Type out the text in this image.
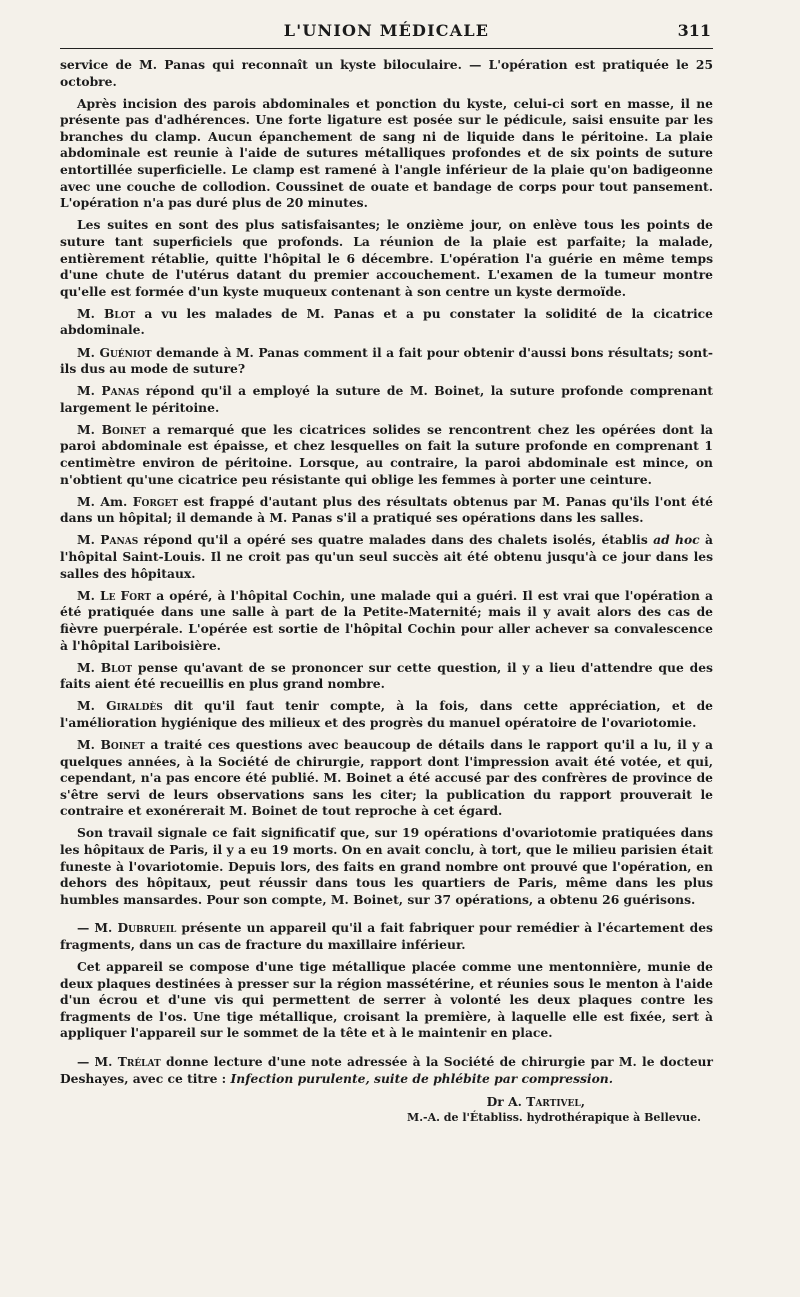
L'UNION MÉDICALE	311

service de M. Panas qui reconnaît un kyste biloculaire. — L'opération est pratiquée le 25 octobre.

Après incision des parois abdominales et ponction du kyste, celui-ci sort en masse, il ne présente pas d'adhérences. Une forte ligature est posée sur le pédicule, saisi ensuite par les branches du clamp. Aucun épanchement de sang ni de liquide dans le péritoine. La plaie abdominale est reunie à l'aide de sutures métalliques profondes et de six points de suture entortillée superficielle. Le clamp est ramené à l'angle inférieur de la plaie qu'on badigeonne avec une couche de collodion. Coussinet de ouate et bandage de corps pour tout pansement. L'opération n'a pas duré plus de 20 minutes.

Les suites en sont des plus satisfaisantes; le onzième jour, on enlève tous les points de suture tant superficiels que profonds. La réunion de la plaie est parfaite; la malade, entièrement rétablie, quitte l'hôpital le 6 décembre. L'opération l'a guérie en même temps d'une chute de l'utérus datant du premier accouchement. L'examen de la tumeur montre qu'elle est formée d'un kyste muqueux contenant à son centre un kyste dermoïde.

M. Blot a vu les malades de M. Panas et a pu constater la solidité de la cicatrice abdominale.

M. Guéniot demande à M. Panas comment il a fait pour obtenir d'aussi bons résultats; sont-ils dus au mode de suture?

M. Panas répond qu'il a employé la suture de M. Boinet, la suture profonde comprenant largement le péritoine.

M. Boinet a remarqué que les cicatrices solides se rencontrent chez les opérées dont la paroi abdominale est épaisse, et chez lesquelles on fait la suture profonde en comprenant 1 centimètre environ de péritoine. Lorsque, au contraire, la paroi abdominale est mince, on n'obtient qu'une cicatrice peu résistante qui oblige les femmes à porter une ceinture.

M. Am. Forget est frappé d'autant plus des résultats obtenus par M. Panas qu'ils l'ont été dans un hôpital; il demande à M. Panas s'il a pratiqué ses opérations dans les salles.

M. Panas répond qu'il a opéré ses quatre malades dans des chalets isolés, établis ad hoc à l'hôpital Saint-Louis. Il ne croit pas qu'un seul succès ait été obtenu jusqu'à ce jour dans les salles des hôpitaux.

M. Le Fort a opéré, à l'hôpital Cochin, une malade qui a guéri. Il est vrai que l'opération a été pratiquée dans une salle à part de la Petite-Maternité; mais il y avait alors des cas de fièvre puerpérale. L'opérée est sortie de l'hôpital Cochin pour aller achever sa convalescence à l'hôpital Lariboisière.

M. Blot pense qu'avant de se prononcer sur cette question, il y a lieu d'attendre que des faits aient été recueillis en plus grand nombre.

M. Giraldès dit qu'il faut tenir compte, à la fois, dans cette appréciation, et de l'amélioration hygiénique des milieux et des progrès du manuel opératoire de l'ovariotomie.

M. Boinet a traité ces questions avec beaucoup de détails dans le rapport qu'il a lu, il y a quelques années, à la Société de chirurgie, rapport dont l'impression avait été votée, et qui, cependant, n'a pas encore été publié. M. Boinet a été accusé par des confrères de province de s'être servi de leurs observations sans les citer; la publication du rapport prouverait le contraire et exonérerait M. Boinet de tout reproche à cet égard.

Son travail signale ce fait significatif que, sur 19 opérations d'ovariotomie pratiquées dans les hôpitaux de Paris, il y a eu 19 morts. On en avait conclu, à tort, que le milieu parisien était funeste à l'ovariotomie. Depuis lors, des faits en grand nombre ont prouvé que l'opération, en dehors des hôpitaux, peut réussir dans tous les quartiers de Paris, même dans les plus humbles mansardes. Pour son compte, M. Boinet, sur 37 opérations, a obtenu 26 guérisons.

— M. Dubrueil présente un appareil qu'il a fait fabriquer pour remédier à l'écartement des fragments, dans un cas de fracture du maxillaire inférieur.

Cet appareil se compose d'une tige métallique placée comme une mentonnière, munie de deux plaques destinées à presser sur la région massétérine, et réunies sous le menton à l'aide d'un écrou et d'une vis qui permettent de serrer à volonté les deux plaques contre les fragments de l'os. Une tige métallique, croisant la première, à laquelle elle est fixée, sert à appliquer l'appareil sur le sommet de la tête et à le maintenir en place.

— M. Trélat donne lecture d'une note adressée à la Société de chirurgie par M. le docteur Deshayes, avec ce titre : Infection purulente, suite de phlébite par compression.

Dr A. Tartivel,
M.-A. de l'Établiss. hydrothérapique à Bellevue.
